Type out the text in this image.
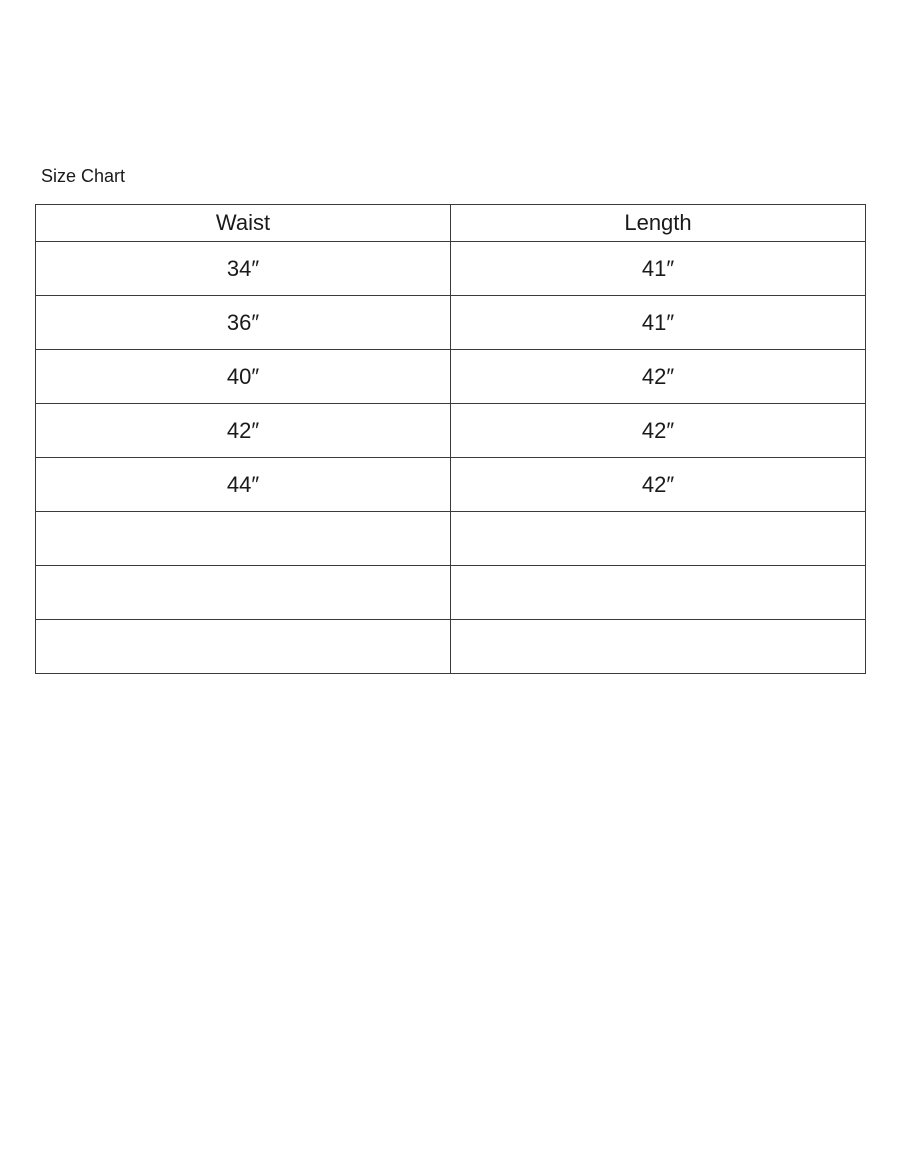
Size Chart
Waist	Length
34″	41″
36″	41″
40″	42″
42″	42″
44″	42″
